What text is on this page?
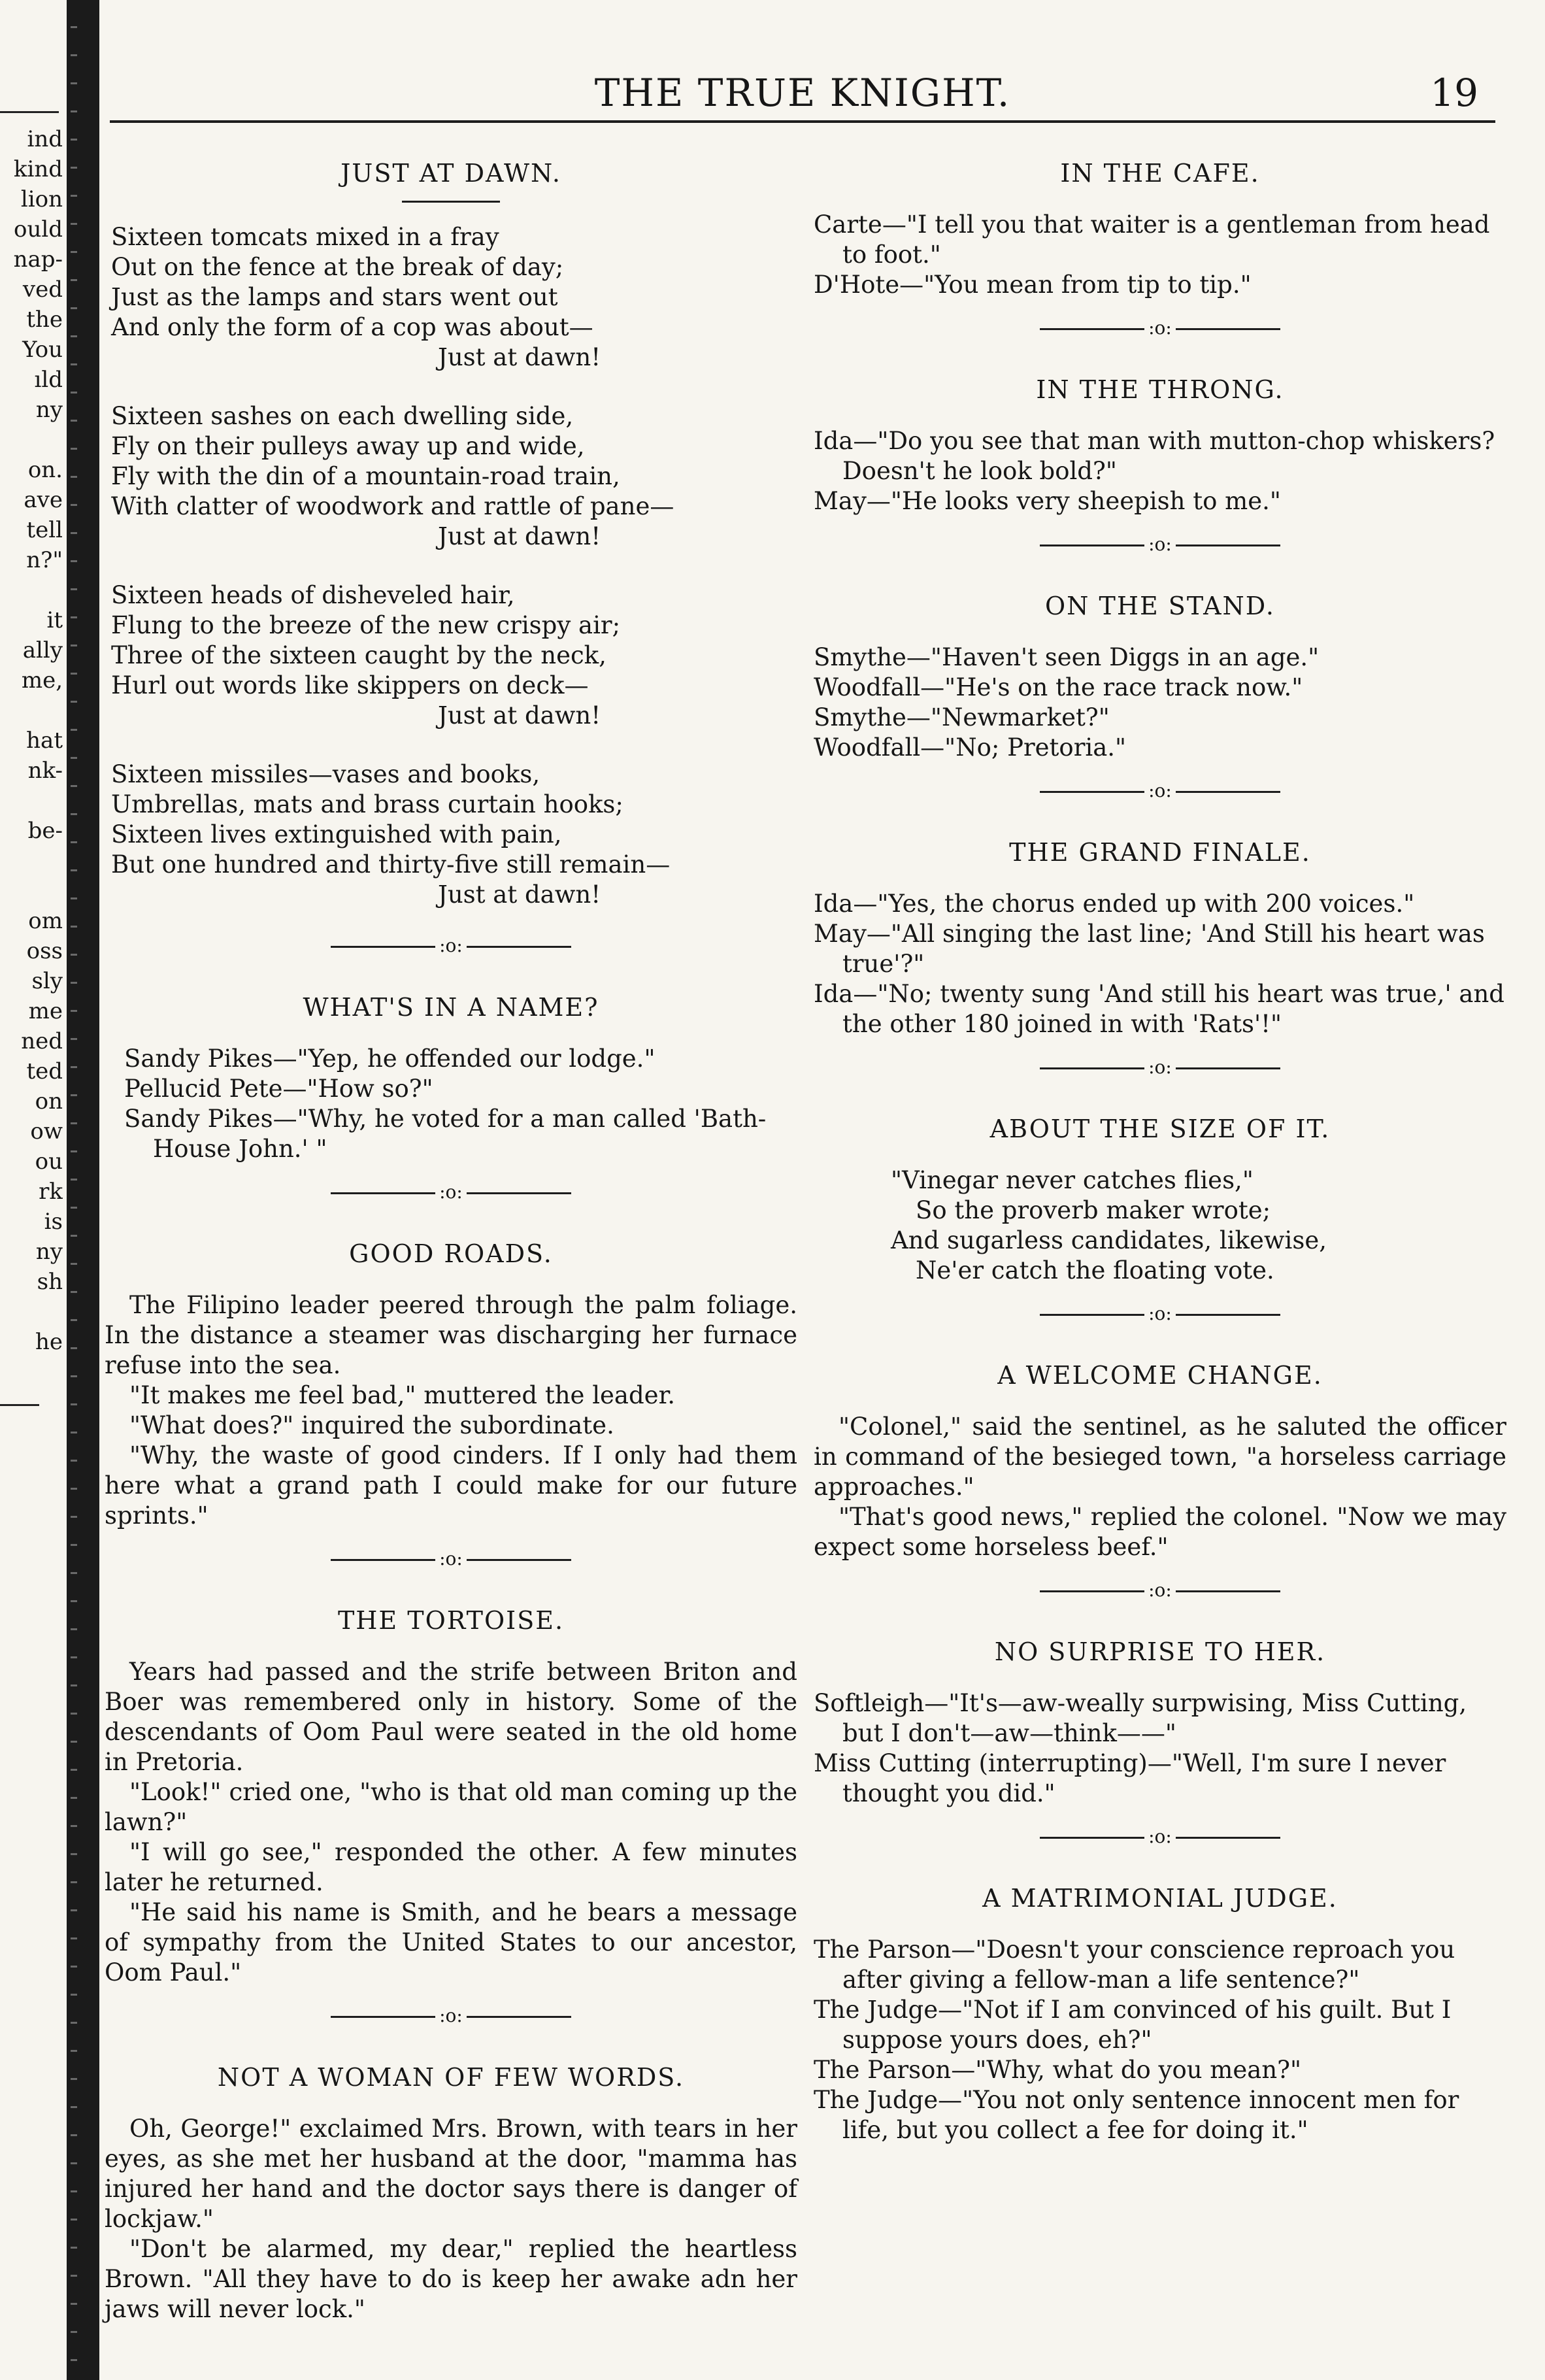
ind
kind
lion
ould
nap-
ved
the
You
ıld
ny
on.
ave
tell
n?"
it
ally
me,
hat
nk-
be-
om
oss
sly
me
ned
ted
on
ow
ou
rk
is
ny
sh
he
THE TRUE KNIGHT.	19
JUST AT DAWN.
Sixteen tomcats mixed in a fray
Out on the fence at the break of day;
Just as the lamps and stars went out
And only the form of a cop was about—
Just at dawn!
Sixteen sashes on each dwelling side,
Fly on their pulleys away up and wide,
Fly with the din of a mountain-road train,
With clatter of woodwork and rattle of pane—
Just at dawn!
Sixteen heads of disheveled hair,
Flung to the breeze of the new crispy air;
Three of the sixteen caught by the neck,
Hurl out words like skippers on deck—
Just at dawn!
Sixteen missiles—vases and books,
Umbrellas, mats and brass curtain hooks;
Sixteen lives extinguished with pain,
But one hundred and thirty-five still remain—
Just at dawn!
:o:
WHAT'S IN A NAME?

Sandy Pikes—"Yep, he offended our lodge."

Pellucid Pete—"How so?"

Sandy Pikes—"Why, he voted for a man called 'Bath-House John.' "

:o:
GOOD ROADS.

The Filipino leader peered through the palm foliage. In the distance a steamer was discharging her furnace refuse into the sea.

"It makes me feel bad," muttered the leader.

"What does?" inquired the subordinate.

"Why, the waste of good cinders. If I only had them here what a grand path I could make for our future sprints."

:o:
THE TORTOISE.

Years had passed and the strife between Briton and Boer was remembered only in history. Some of the descendants of Oom Paul were seated in the old home in Pretoria.

"Look!" cried one, "who is that old man coming up the lawn?"

"I will go see," responded the other. A few minutes later he returned.

"He said his name is Smith, and he bears a message of sympathy from the United States to our ancestor, Oom Paul."

:o:
NOT A WOMAN OF FEW WORDS.

Oh, George!" exclaimed Mrs. Brown, with tears in her eyes, as she met her husband at the door, "mamma has injured her hand and the doctor says there is danger of lockjaw."

"Don't be alarmed, my dear," replied the heartless Brown. "All they have to do is keep her awake adn her jaws will never lock."

IN THE CAFE.

Carte—"I tell you that waiter is a gentleman from head to foot."

D'Hote—"You mean from tip to tip."

:o:
IN THE THRONG.

Ida—"Do you see that man with mutton-chop whiskers? Doesn't he look bold?"

May—"He looks very sheepish to me."

:o:
ON THE STAND.

Smythe—"Haven't seen Diggs in an age."

Woodfall—"He's on the race track now."

Smythe—"Newmarket?"

Woodfall—"No; Pretoria."

:o:
THE GRAND FINALE.

Ida—"Yes, the chorus ended up with 200 voices."

May—"All singing the last line; 'And Still his heart was true'?"

Ida—"No; twenty sung 'And still his heart was true,' and the other 180 joined in with 'Rats'!"

:o:
ABOUT THE SIZE OF IT.
"Vinegar never catches flies,"
So the proverb maker wrote;
And sugarless candidates, likewise,
Ne'er catch the floating vote.
:o:
A WELCOME CHANGE.

"Colonel," said the sentinel, as he saluted the officer in command of the besieged town, "a horseless carriage approaches."

"That's good news," replied the colonel. "Now we may expect some horseless beef."

:o:
NO SURPRISE TO HER.

Softleigh—"It's—aw-weally surpwising, Miss Cutting, but I don't—aw—think——"

Miss Cutting (interrupting)—"Well, I'm sure I never thought you did."

:o:
A MATRIMONIAL JUDGE.

The Parson—"Doesn't your conscience reproach you after giving a fellow-man a life sentence?"

The Judge—"Not if I am convinced of his guilt. But I suppose yours does, eh?"

The Parson—"Why, what do you mean?"

The Judge—"You not only sentence innocent men for life, but you collect a fee for doing it."
